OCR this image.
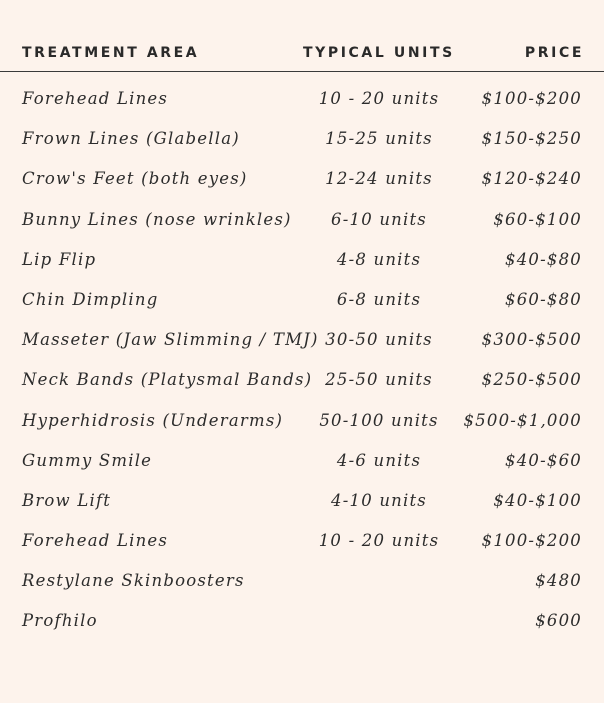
TREATMENT AREA	TYPICAL UNITS	PRICE
Forehead Lines	10 - 20 units	$100-$200
Frown Lines (Glabella)	15-25 units	$150-$250
Crow's Feet (both eyes)	12-24 units	$120-$240
Bunny Lines (nose wrinkles) 6-10 units	$60-$100
Lip Flip	4-8 units	$40-$80
Chin Dimpling	6-8 units	$60-$80
Masseter (Jaw Slimming / TMJ) 30-50 units	$300-$500
Neck Bands (Platysmal Bands) 25-50 units	$250-$500
Hyperhidrosis (Underarms) 50-100 units $500-$1,000
Gummy Smile	4-6 units	$40-$60
Brow Lift	4-10 units	$40-$100
Forehead Lines	10 - 20 units	$100-$200
Restylane Skinboosters	$480
Profhilo	$600
